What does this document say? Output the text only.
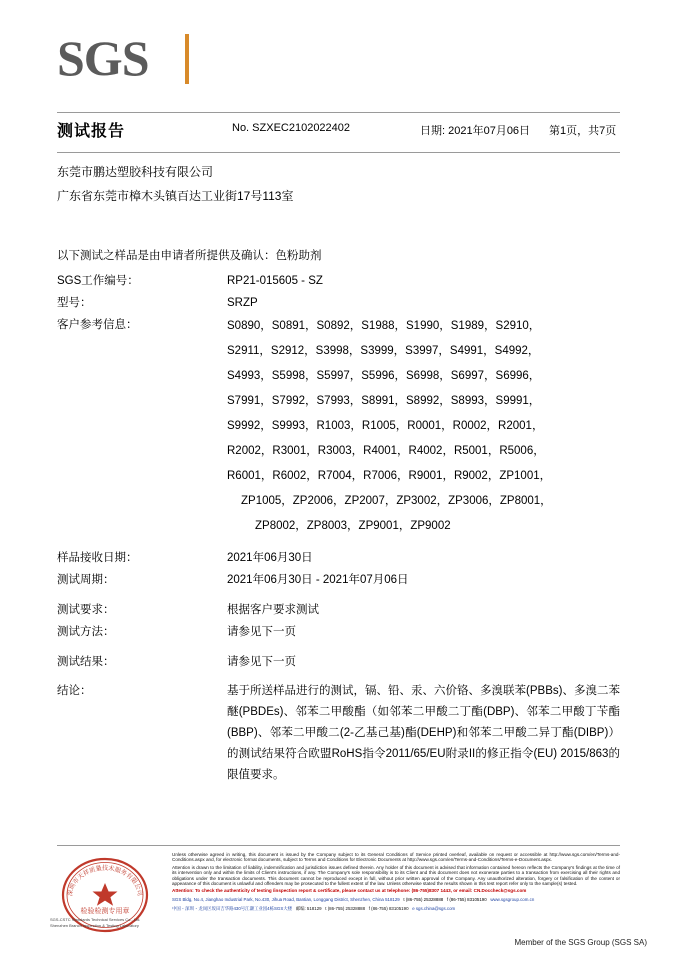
SGS
测试报告	No. SZXEC2102022402	日期: 2021年07月06日 第1页，共7页
东莞市鹏达塑胶科技有限公司
广东省东莞市樟木头镇百达工业街17号113室
以下测试之样品是由申请者所提供及确认：色粉助剂
SGS工作编号：	RP21-015605 - SZ
型号：	SRZP
客户参考信息：	S0890，S0891，S0892，S1988，S1990，S1989，S2910，
S2911，S2912，S3998，S3999，S3997，S4991，S4992，
S4993，S5998，S5997，S5996，S6998，S6997，S6996，
S7991，S7992，S7993，S8991，S8992，S8993，S9991，
S9992，S9993，R1003，R1005，R0001，R0002，R2001，
R2002，R3001，R3003，R4001，R4002，R5001，R5006，
R6001，R6002，R7004，R7006，R9001，R9002，ZP1001，
ZP1005，ZP2006，ZP2007，ZP3002，ZP3006，ZP8001，
ZP8002，ZP8003，ZP9001，ZP9002
样品接收日期：	2021年06月30日
测试周期：	2021年06月30日 - 2021年07月06日
测试要求：	根据客户要求测试
测试方法：	请参见下一页
测试结果：	请参见下一页
结论：	基于所送样品进行的测试，镉、铅、汞、六价铬、多溴联苯(PBBs)、多溴二苯醚(PBDEs)、邻苯二甲酸酯（如邻苯二甲酸二丁酯(DBP)、邻苯二甲酸丁苄酯(BBP)、邻苯二甲酸二(2-乙基己基)酯(DEHP)和邻苯二甲酸二异丁酯(DIBP)）的测试结果符合欧盟RoHS指令2011/65/EU附录II的修正指令(EU) 2015/863的限值要求。
检验检测专用章
深圳市天祥质量技术服务有限公司
SGS-CSTC Standards Technical Services Co., Ltd.
Shenzhen Branch Inspection & Testing Laboratory

Unless otherwise agreed in writing, this document is issued by the Company subject to its General Conditions of Service printed overleaf, available on request or accessible at http://www.sgs.com/en/Terms-and-Conditions.aspx and, for electronic format documents, subject to Terms and Conditions for Electronic Documents at http://www.sgs.com/en/Terms-and-Conditions/Terms-e-Document.aspx.

Attention is drawn to the limitation of liability, indemnification and jurisdiction issues defined therein. Any holder of this document is advised that information contained hereon reflects the Company's findings at the time of its intervention only and within the limits of Client's instructions, if any. The Company's sole responsibility is to its Client and this document does not exonerate parties to a transaction from exercising all their rights and obligations under the transaction documents. This document cannot be reproduced except in full, without prior written approval of the Company. Any unauthorized alteration, forgery or falsification of the content or appearance of this document is unlawful and offenders may be prosecuted to the fullest extent of the law. Unless otherwise stated the results shown in this test report refer only to the sample(s) tested.

Attention: To check the authenticity of testing /inspection report & certificate, please contact us at telephone: (86-755)8307 1443, or email: CN.Doccheck@sgs.com

SGS Bldg, No.4, Jianghao Industrial Park, No.430, Jihua Road, Bantian, Longgang District, Shenzhen, China 518129 t (86-755) 25328888 f (86-755) 83105190 www.sgsgroup.com.cn
中国・深圳・龙岗区坂田吉华路430号江灏工业园4栋SGS大楼 邮编: 518129 t (86-755) 25328888 f (86-755) 83105190 e sgs.china@sgs.com
Member of the SGS Group (SGS SA)
